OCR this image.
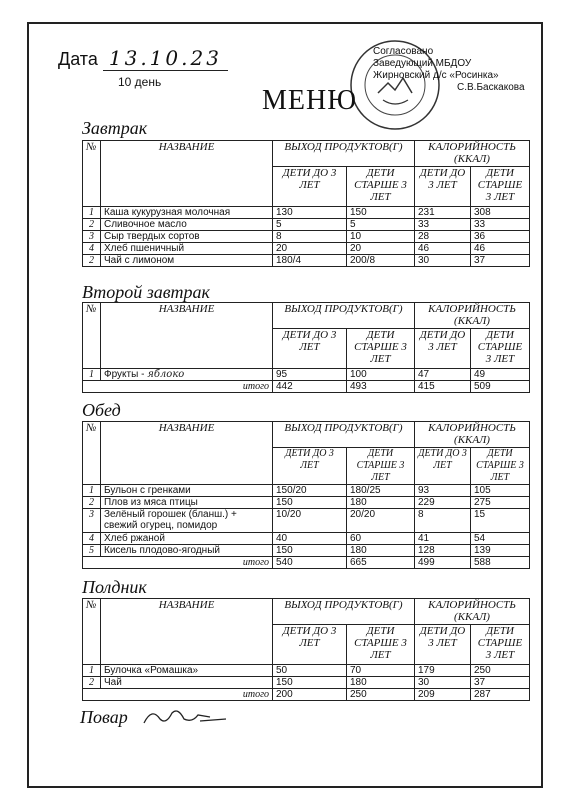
Дата 13.10.23
10 день
Согласовано
Заведующий МБДОУ
Жирновский д/с «Росинка»
С.В.Баскакова
МЕНЮ
Завтрак
№	НАЗВАНИЕ	ВЫХОД ПРОДУКТОВ(Г)		КАЛОРИЙНОСТЬ (ККАЛ)	
		ДЕТИ ДО 3 ЛЕТ	ДЕТИ СТАРШЕ 3 ЛЕТ	ДЕТИ ДО 3 ЛЕТ	ДЕТИ СТАРШЕ 3 ЛЕТ
1	Каша кукурузная молочная	130	150	231	308
2	Сливочное масло	5	5	33	33
3	Сыр твердых сортов	8	10	28	36
4	Хлеб пшеничный	20	20	46	46
2	Чай с лимоном	180/4	200/8	30	37
Второй завтрак
№	НАЗВАНИЕ	ВЫХОД ПРОДУКТОВ(Г)		КАЛОРИЙНОСТЬ (ККАЛ)	
		ДЕТИ ДО 3 ЛЕТ	ДЕТИ СТАРШЕ 3 ЛЕТ	ДЕТИ ДО 3 ЛЕТ	ДЕТИ СТАРШЕ 3 ЛЕТ
1	Фрукты - яблоко	95	100	47	49
итого		442	493	415	509
Обед
№	НАЗВАНИЕ	ВЫХОД ПРОДУКТОВ(Г)		КАЛОРИЙНОСТЬ (ККАЛ)	
		ДЕТИ ДО 3 ЛЕТ	ДЕТИ СТАРШЕ 3 ЛЕТ	ДЕТИ ДО 3 ЛЕТ	ДЕТИ СТАРШЕ 3 ЛЕТ
1	Бульон с гренками	150/20	180/25	93	105
2	Плов из мяса птицы	150	180	229	275
3	Зелёный горошек (бланш.) + свежий огурец, помидор	10/20	20/20	8	15
4	Хлеб ржаной	40	60	41	54
5	Кисель плодово-ягодный	150	180	128	139
итого		540	665	499	588
Полдник
№	НАЗВАНИЕ	ВЫХОД ПРОДУКТОВ(Г)		КАЛОРИЙНОСТЬ (ККАЛ)	
		ДЕТИ ДО 3 ЛЕТ	ДЕТИ СТАРШЕ 3 ЛЕТ	ДЕТИ ДО 3 ЛЕТ	ДЕТИ СТАРШЕ 3 ЛЕТ
1	Булочка «Ромашка»	50	70	179	250
2	Чай	150	180	30	37
итого		200	250	209	287
Повар
